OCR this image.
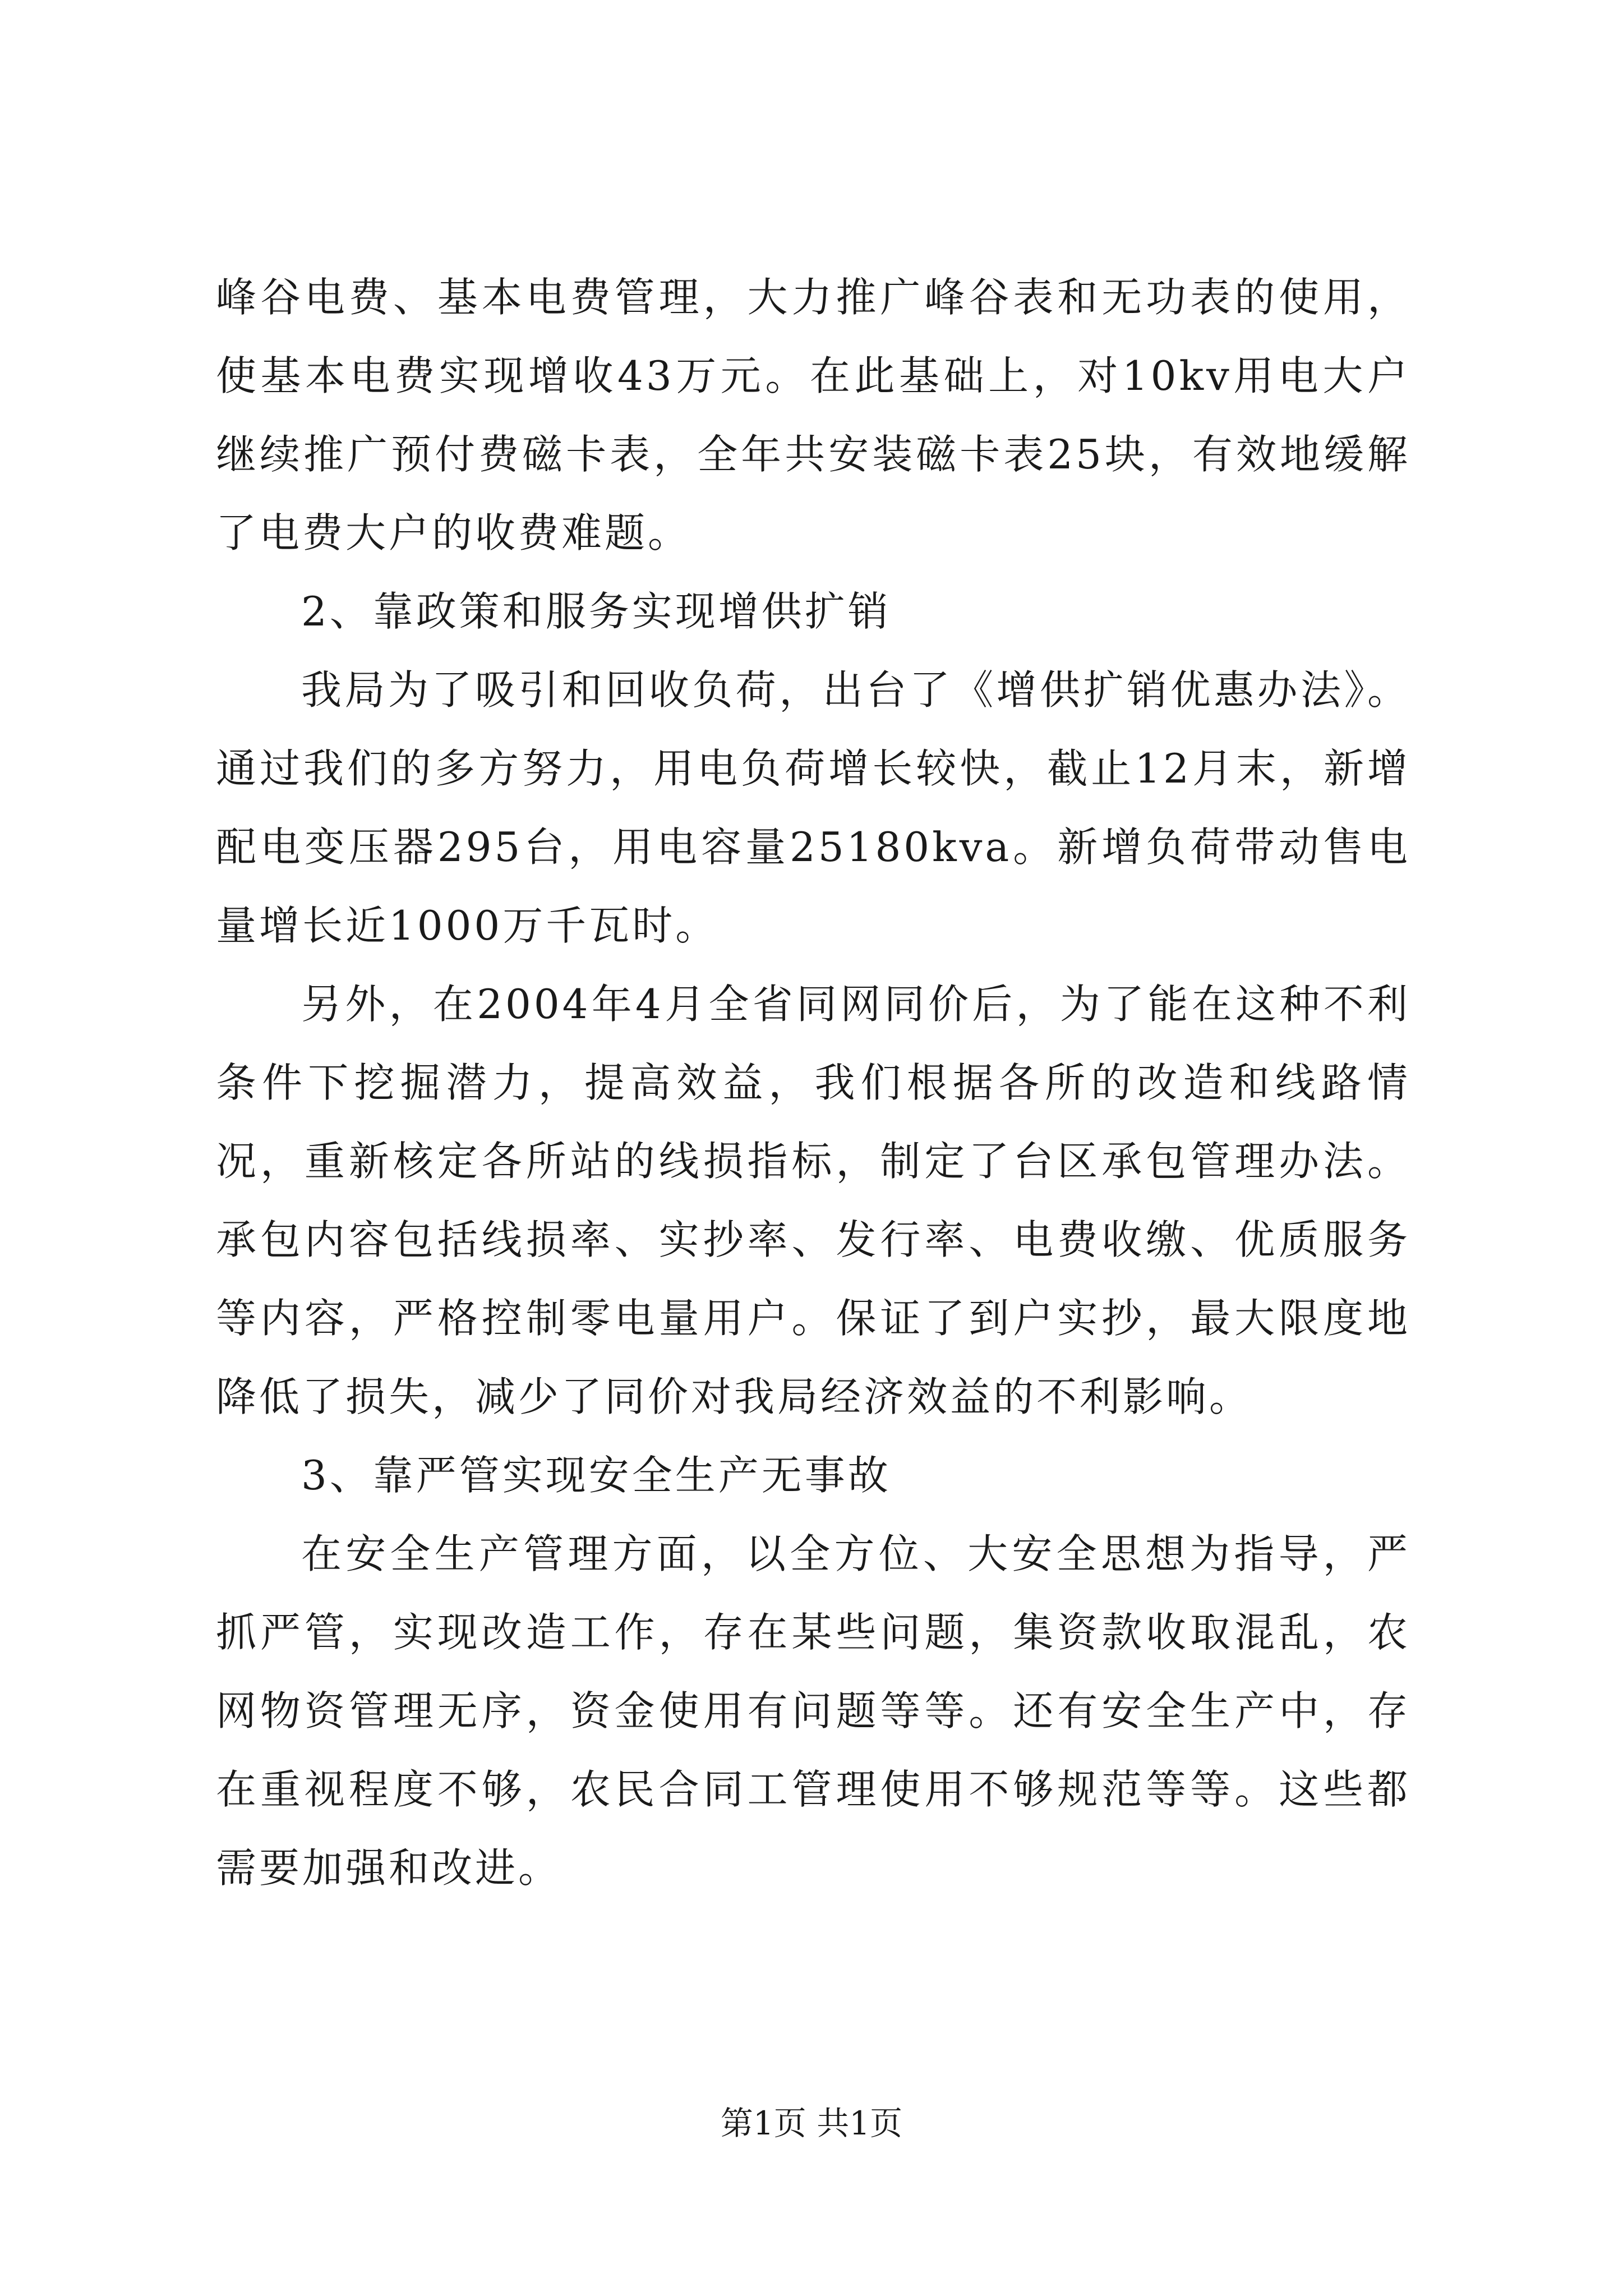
峰谷电费、基本电费管理，大力推广峰谷表和无功表的使用，使基本电费实现增收43万元。在此基础上，对10kv用电大户继续推广预付费磁卡表，全年共安装磁卡表25块，有效地缓解了电费大户的收费难题。

2、靠政策和服务实现增供扩销

我局为了吸引和回收负荷，出台了《增供扩销优惠办法》。通过我们的多方努力，用电负荷增长较快，截止12月末，新增配电变压器295台，用电容量25180kva。新增负荷带动售电量增长近1000万千瓦时。

另外，在2004年4月全省同网同价后，为了能在这种不利条件下挖掘潜力，提高效益，我们根据各所的改造和线路情况，重新核定各所站的线损指标，制定了台区承包管理办法。承包内容包括线损率、实抄率、发行率、电费收缴、优质服务等内容，严格控制零电量用户。保证了到户实抄，最大限度地降低了损失，减少了同价对我局经济效益的不利影响。

3、靠严管实现安全生产无事故

在安全生产管理方面，以全方位、大安全思想为指导，严抓严管，实现改造工作，存在某些问题，集资款收取混乱，农网物资管理无序，资金使用有问题等等。还有安全生产中，存在重视程度不够，农民合同工管理使用不够规范等等。这些都需要加强和改进。

第1页 共1页
